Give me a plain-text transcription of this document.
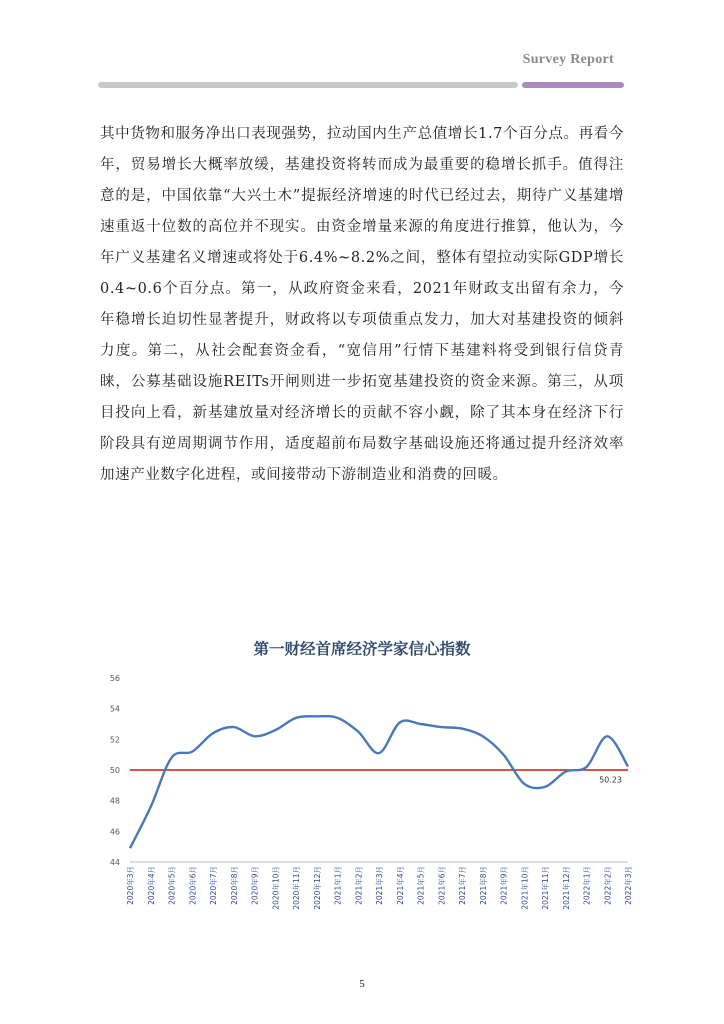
Survey Report

其中货物和服务净出口表现强势，拉动国内生产总值增长1.7个百分点。再看今年，贸易增长大概率放缓，基建投资将转而成为最重要的稳增长抓手。值得注意的是，中国依靠“大兴土木”提振经济增速的时代已经过去，期待广义基建增速重返十位数的高位并不现实。由资金增量来源的角度进行推算，他认为，今年广义基建名义增速或将处于6.4%~8.2%之间，整体有望拉动实际GDP增长0.4~0.6个百分点。第一，从政府资金来看，2021年财政支出留有余力，今年稳增长迫切性显著提升，财政将以专项债重点发力，加大对基建投资的倾斜力度。第二，从社会配套资金看，“宽信用”行情下基建料将受到银行信贷青睐，公募基础设施REITs开闸则进一步拓宽基建投资的资金来源。第三，从项目投向上看，新基建放量对经济增长的贡献不容小觑，除了其本身在经济下行阶段具有逆周期调节作用，适度超前布局数字基础设施还将通过提升经济效率加速产业数字化进程，或间接带动下游制造业和消费的回暖。

第一财经首席经济学家信心指数
44
46
48
50
52
54
56
2020年3月 2020年4月 2020年5月 2020年6月 2020年7月 2020年8月 2020年9月 2020年10月 2020年11月 2020年12月 2021年1月 2021年2月 2021年3月 2021年4月 2021年5月 2021年6月 2021年7月 2021年8月 2021年9月 2021年10月 2021年11月 2021年12月 2022年1月 2022年2月 2022年3月
50.23
5
